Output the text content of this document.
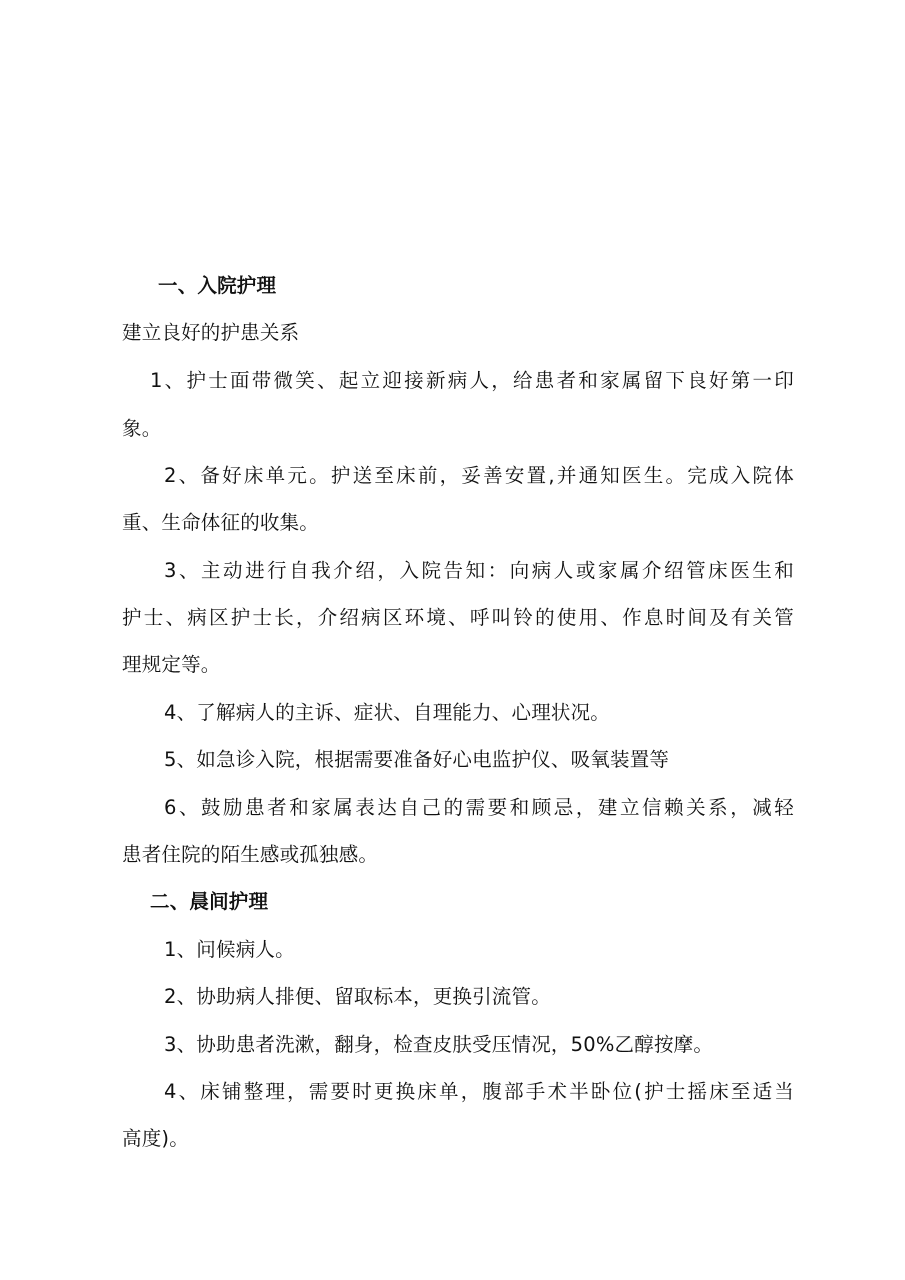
一、入院护理
建立良好的护患关系
1、护士面带微笑、起立迎接新病人，给患者和家属留下良好第一印
象。
2、备好床单元。护送至床前，妥善安置,并通知医生。完成入院体
重、生命体征的收集。
3、主动进行自我介绍，入院告知：向病人或家属介绍管床医生和
护士、病区护士长，介绍病区环境、呼叫铃的使用、作息时间及有关管
理规定等。
4、了解病人的主诉、症状、自理能力、心理状况。
5、如急诊入院，根据需要准备好心电监护仪、吸氧装置等
6、鼓励患者和家属表达自己的需要和顾忌，建立信赖关系，减轻
患者住院的陌生感或孤独感。
二、晨间护理
1、问候病人。
2、协助病人排便、留取标本，更换引流管。
3、协助患者洗漱，翻身，检查皮肤受压情况，50%乙醇按摩。
4、床铺整理，需要时更换床单，腹部手术半卧位(护士摇床至适当
高度)。
